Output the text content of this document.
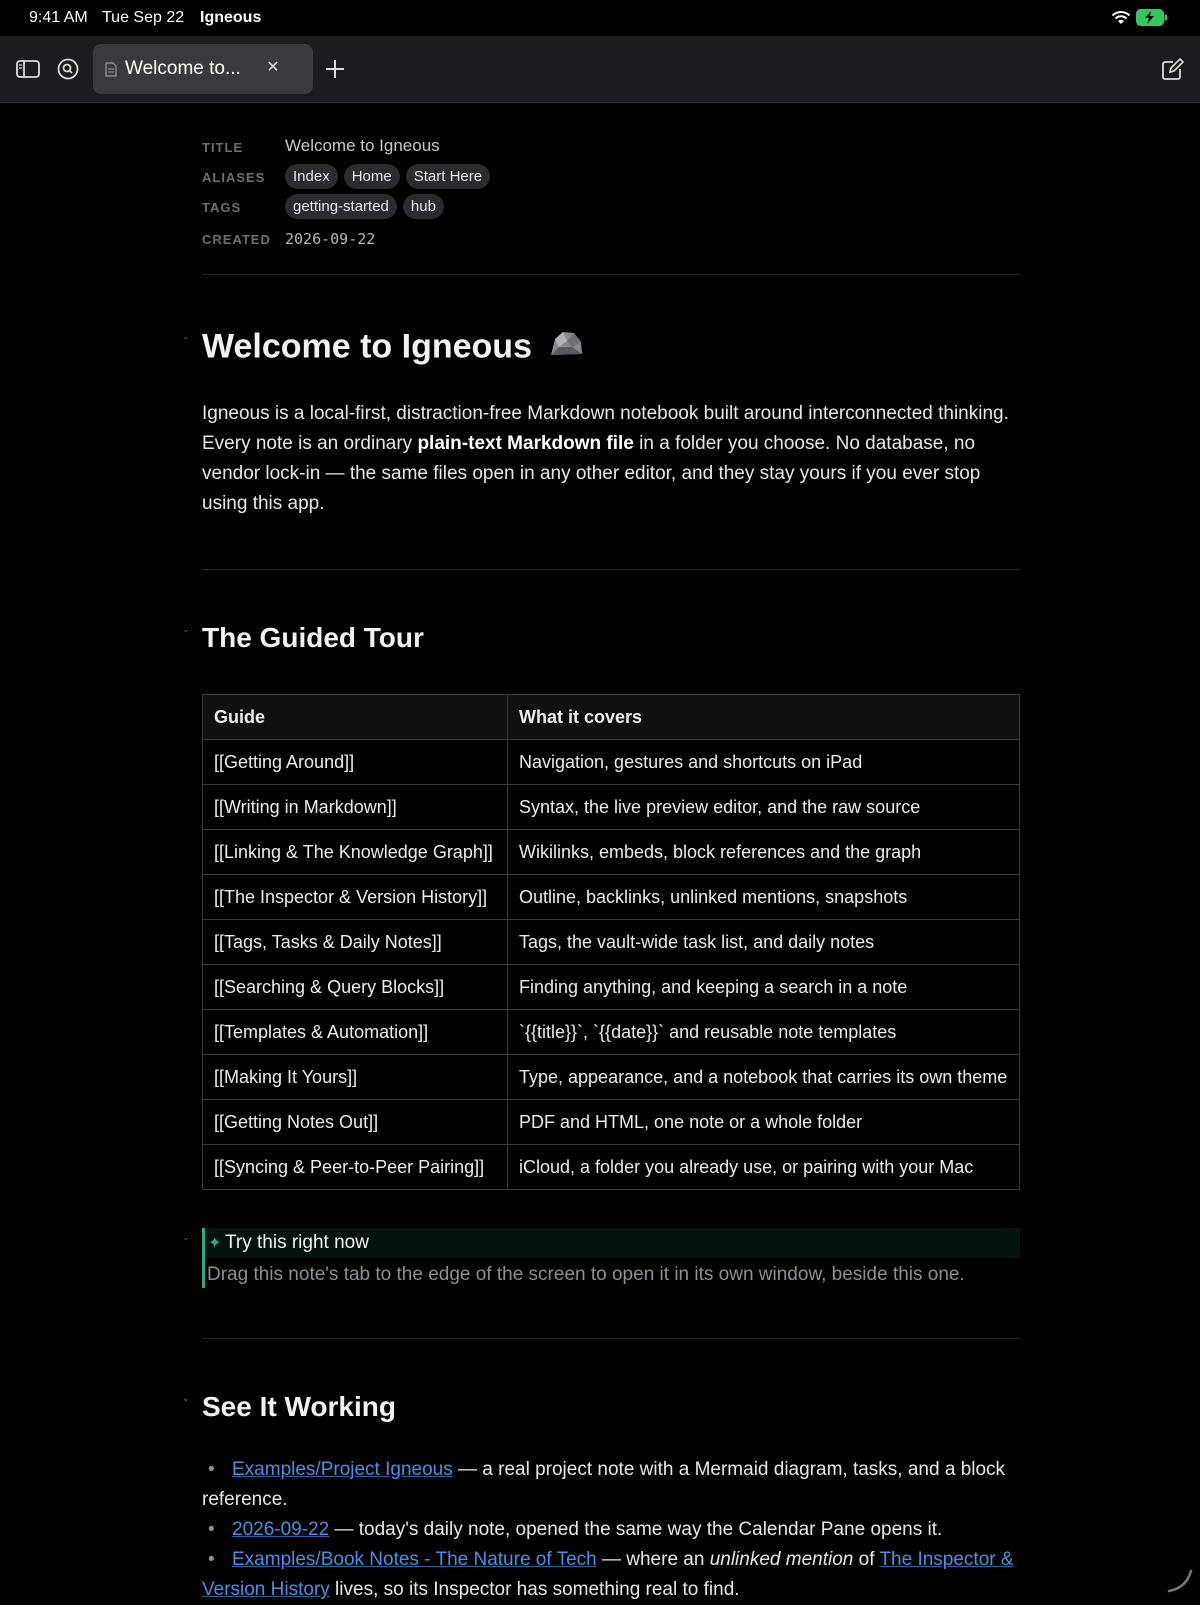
9:41 AM Tue Sep 22 Igneous
Welcome to... ✕
TITLE Welcome to Igneous
ALIASES	Index	Home	Start Here
TAGS	getting-started	hub
CREATED 2026-09-22
⌄ Welcome to Igneous

Igneous is a local-first, distraction-free Markdown notebook built around interconnected thinking. Every note is an ordinary plain-text Markdown file in a folder you choose. No database, no vendor lock-in — the same files open in any other editor, and they stay yours if you ever stop using this app.

⌄ The Guided Tour
Guide	What it covers
[[Getting Around]]	Navigation, gestures and shortcuts on iPad
[[Writing in Markdown]]	Syntax, the live preview editor, and the raw source
[[Linking & The Knowledge Graph]]	Wikilinks, embeds, block references and the graph
[[The Inspector & Version History]]	Outline, backlinks, unlinked mentions, snapshots
[[Tags, Tasks & Daily Notes]]	Tags, the vault-wide task list, and daily notes
[[Searching & Query Blocks]]	Finding anything, and keeping a search in a note
[[Templates & Automation]]	`{{title}}`, `{{date}}` and reusable note templates
[[Making It Yours]]	Type, appearance, and a notebook that carries its own theme
[[Getting Notes Out]]	PDF and HTML, one note or a whole folder
[[Syncing & Peer-to-Peer Pairing]]	iCloud, a folder you already use, or pairing with your Mac
⌄ ✦ Try this right now
Drag this note's tab to the edge of the screen to open it in its own window, beside this one.
⌄ See It Working
• Examples/Project Igneous — a real project note with a Mermaid diagram, tasks, and a block reference.
• 2026-09-22 — today's daily note, opened the same way the Calendar Pane opens it.
• Examples/Book Notes - The Nature of Tech — where an unlinked mention of The Inspector & Version History lives, so its Inspector has something real to find.
